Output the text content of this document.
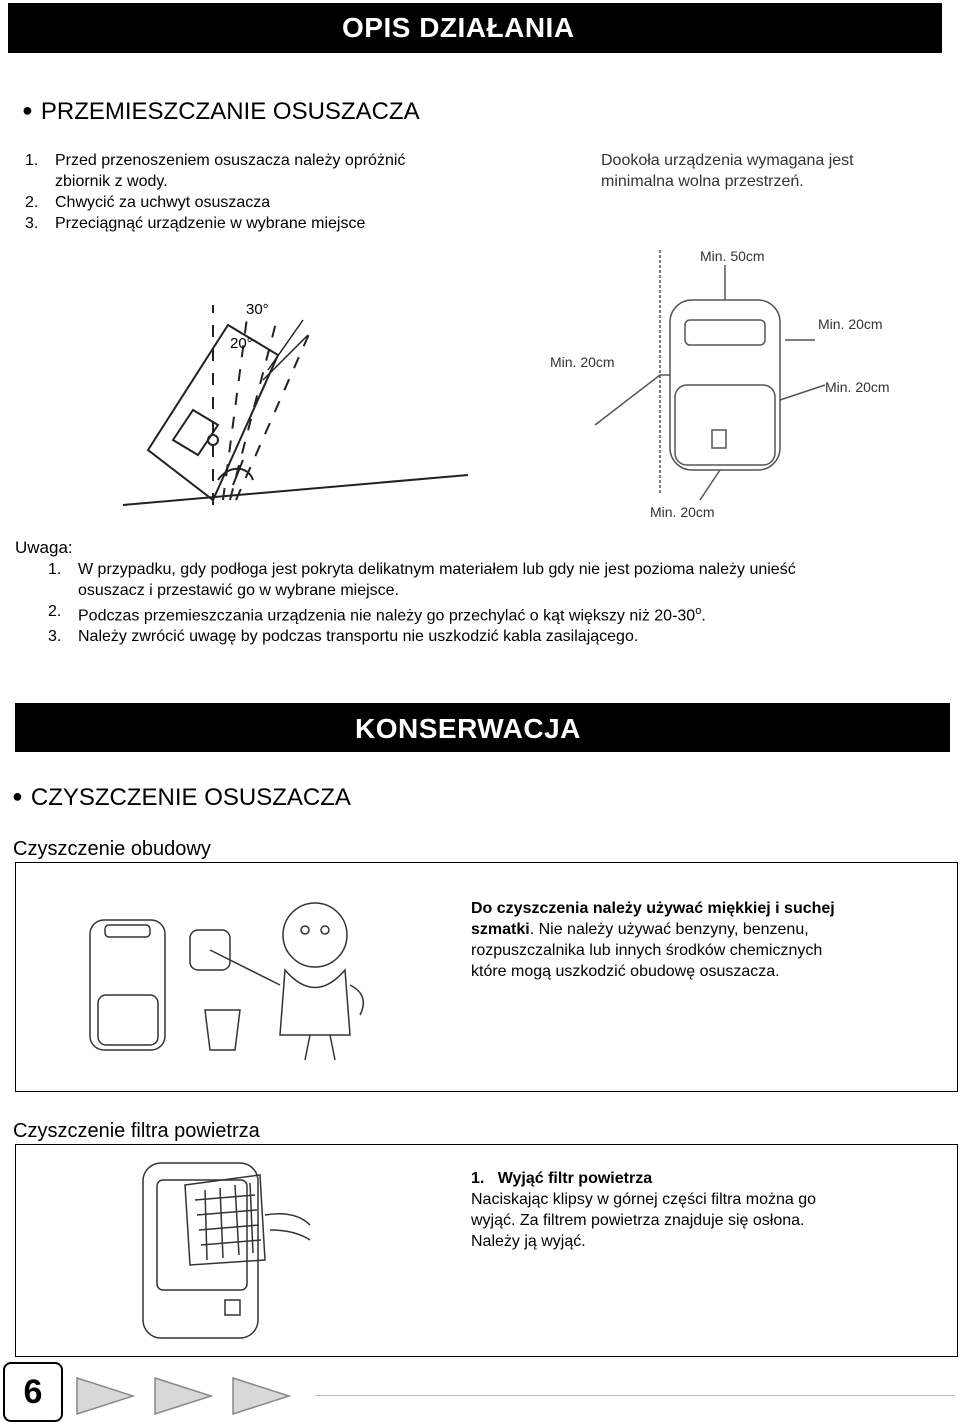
OPIS DZIAŁANIA
● PRZEMIESZCZANIE OSUSZACZA
1. Przed przenoszeniem osuszacza należy opróżnić
zbiornik z wody.
2. Chwycić za uchwyt osuszacza
3. Przeciągnąć urządzenie w wybrane miejsce
Dookoła urządzenia wymagana jest
minimalna wolna przestrzeń.
30°
20°
Min. 50cm
Min. 20cm
Min. 20cm
Min. 20cm
Min. 20cm
Uwaga:
1. W przypadku, gdy podłoga jest pokryta delikatnym materiałem lub gdy nie jest pozioma należy unieść
osuszacz i przestawić go w wybrane miejsce.
2. Podczas przemieszczania urządzenia nie należy go przechylać o kąt większy niż 20-30$^o$.
3. Należy zwrócić uwagę by podczas transportu nie uszkodzić kabla zasilającego.
KONSERWACJA
● CZYSZCZENIE OSUSZACZA
Czyszczenie obudowy
Do czyszczenia należy używać miękkiej i suchej
szmatki. Nie należy używać benzyny, benzenu,
rozpuszczalnika lub innych środków chemicznych
które mogą uszkodzić obudowę osuszacza.
Czyszczenie filtra powietrza
1. Wyjąć filtr powietrza
Naciskając klipsy w górnej części filtra można go
wyjąć. Za filtrem powietrza znajduje się osłona.
Należy ją wyjąć.
6
